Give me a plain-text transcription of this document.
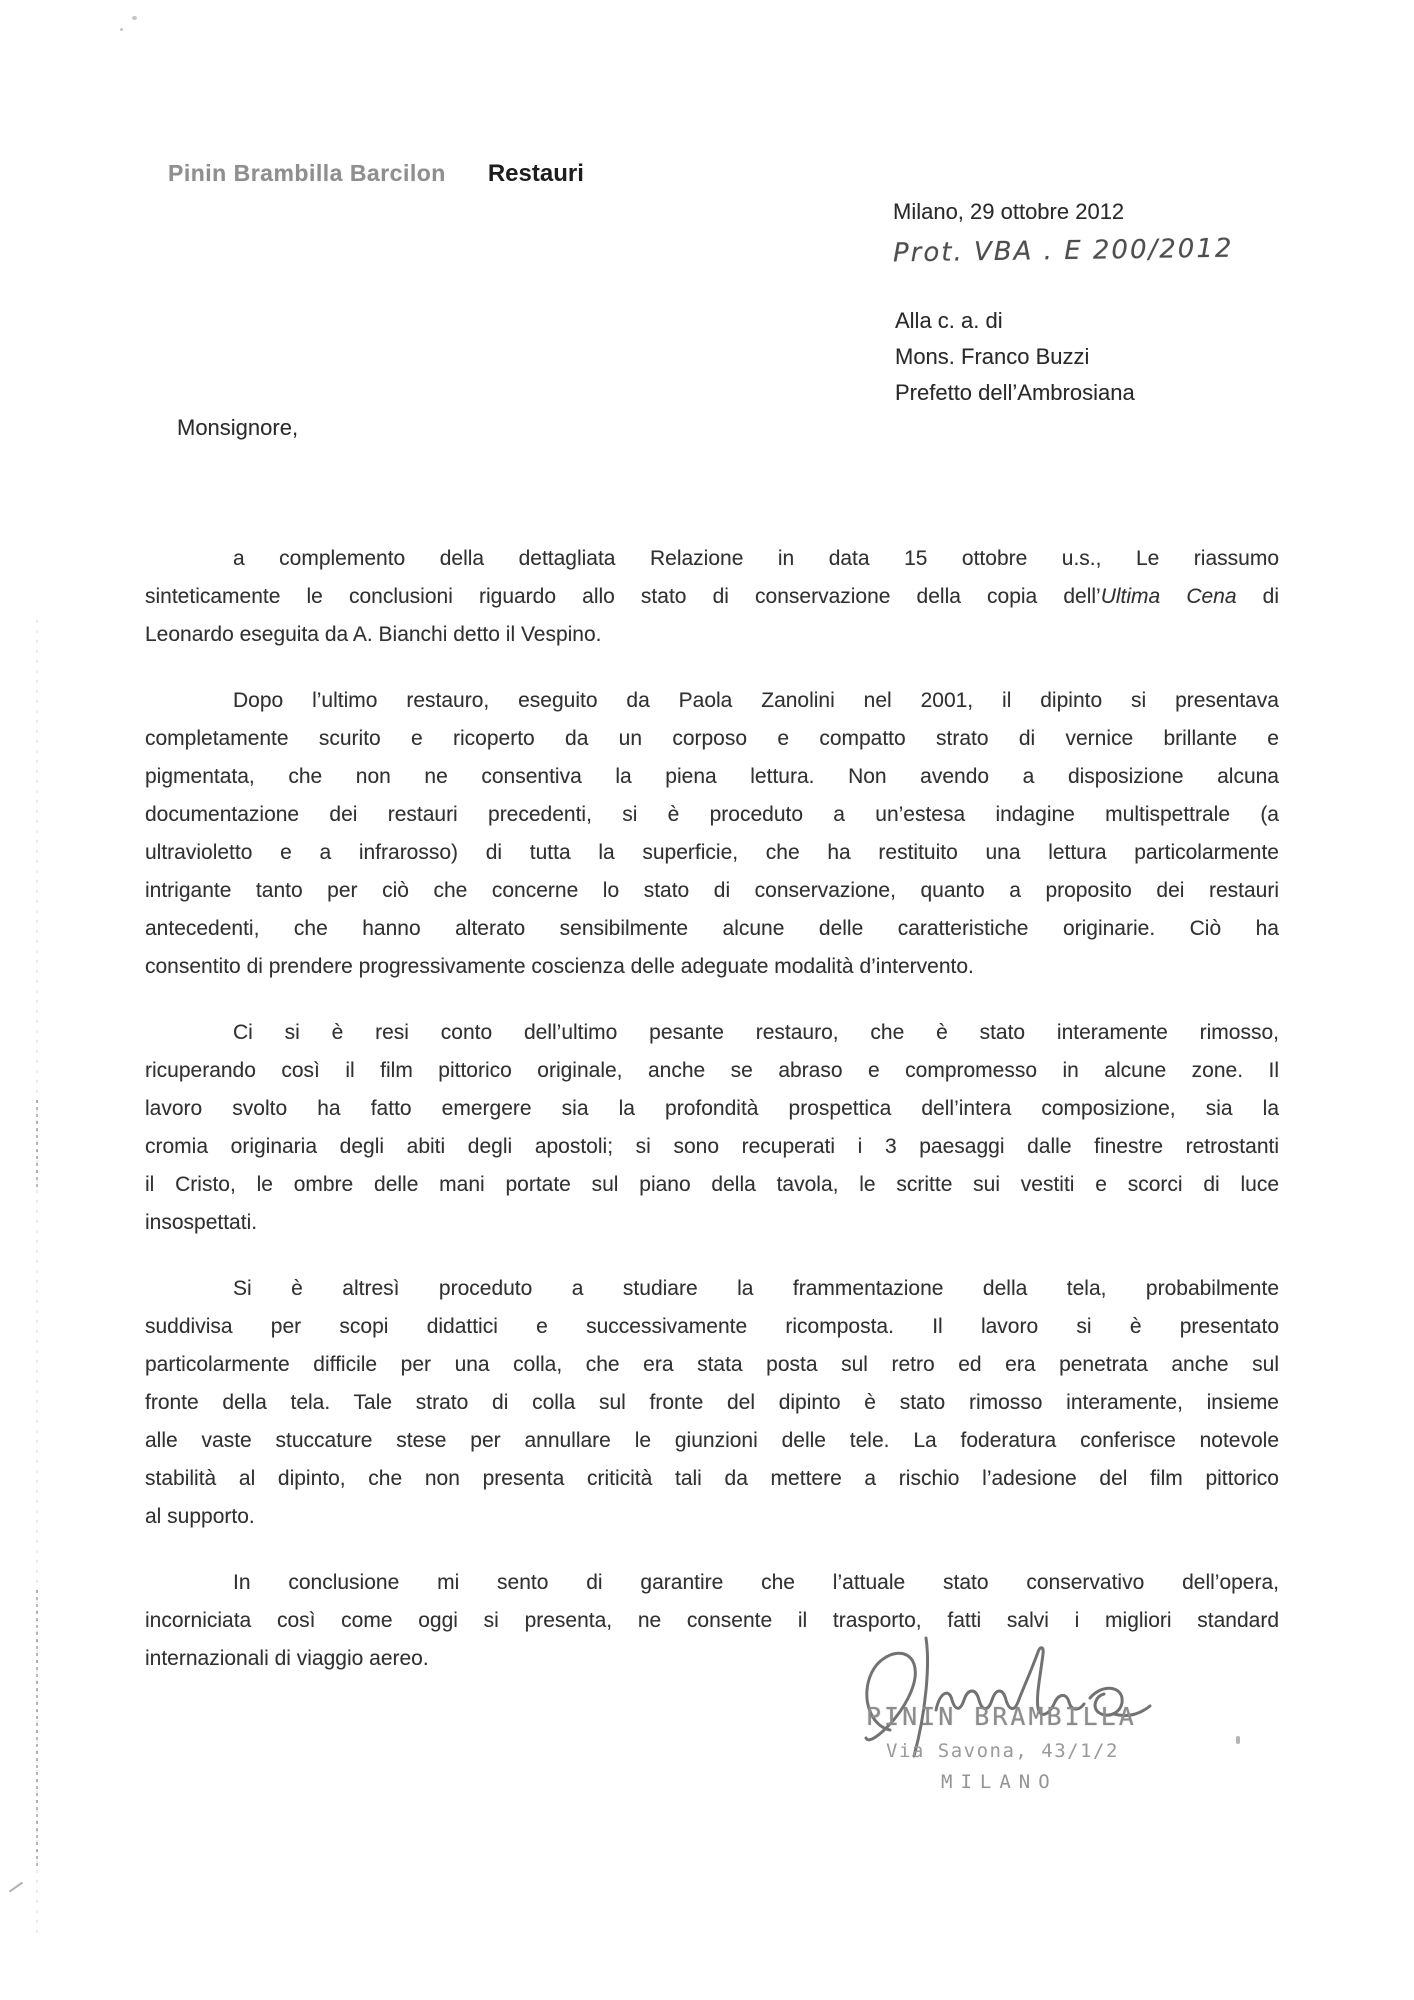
Pinin Brambilla Barcilon Restauri
Milano, 29 ottobre 2012
Prot. VBA . E 200/2012
Alla c. a. di
Mons. Franco Buzzi
Prefetto dell’Ambrosiana
Monsignore,
a complemento della dettagliata Relazione in data 15 ottobre u.s., Le riassumo
sinteticamente le conclusioni riguardo allo stato di conservazione della copia dell’Ultima Cena di
Leonardo eseguita da A. Bianchi detto il Vespino.
Dopo l’ultimo restauro, eseguito da Paola Zanolini nel 2001, il dipinto si presentava
completamente scurito e ricoperto da un corposo e compatto strato di vernice brillante e
pigmentata, che non ne consentiva la piena lettura. Non avendo a disposizione alcuna
documentazione dei restauri precedenti, si è proceduto a un’estesa indagine multispettrale (a
ultravioletto e a infrarosso) di tutta la superficie, che ha restituito una lettura particolarmente
intrigante tanto per ciò che concerne lo stato di conservazione, quanto a proposito dei restauri
antecedenti, che hanno alterato sensibilmente alcune delle caratteristiche originarie. Ciò ha
consentito di prendere progressivamente coscienza delle adeguate modalità d’intervento.
Ci si è resi conto dell’ultimo pesante restauro, che è stato interamente rimosso,
ricuperando così il film pittorico originale, anche se abraso e compromesso in alcune zone. Il
lavoro svolto ha fatto emergere sia la profondità prospettica dell’intera composizione, sia la
cromia originaria degli abiti degli apostoli; si sono recuperati i 3 paesaggi dalle finestre retrostanti
il Cristo, le ombre delle mani portate sul piano della tavola, le scritte sui vestiti e scorci di luce
insospettati.
Si è altresì proceduto a studiare la frammentazione della tela, probabilmente
suddivisa per scopi didattici e successivamente ricomposta. Il lavoro si è presentato
particolarmente difficile per una colla, che era stata posta sul retro ed era penetrata anche sul
fronte della tela. Tale strato di colla sul fronte del dipinto è stato rimosso interamente, insieme
alle vaste stuccature stese per annullare le giunzioni delle tele. La foderatura conferisce notevole
stabilità al dipinto, che non presenta criticità tali da mettere a rischio l’adesione del film pittorico
al supporto.
In conclusione mi sento di garantire che l’attuale stato conservativo dell’opera,
incorniciata così come oggi si presenta, ne consente il trasporto, fatti salvi i migliori standard
internazionali di viaggio aereo.
PININ BRAMBILLA
Via Savona, 43/1/2
MILANO
